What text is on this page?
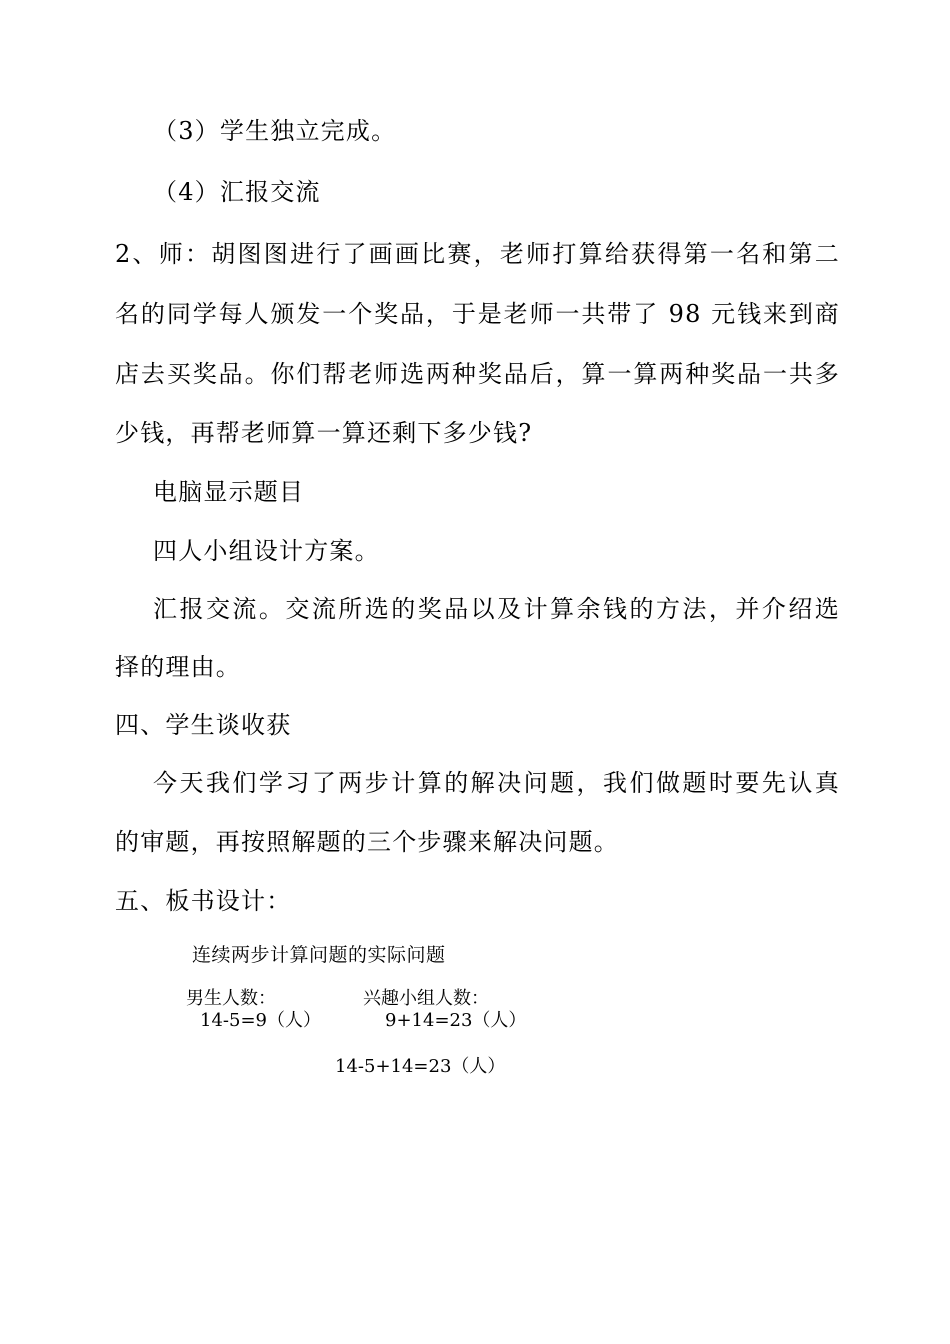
（3）学生独立完成。
（4）汇报交流
2、师：胡图图进行了画画比赛，老师打算给获得第一名和第二
名的同学每人颁发一个奖品，于是老师一共带了 98 元钱来到商
店去买奖品。你们帮老师选两种奖品后，算一算两种奖品一共多
少钱，再帮老师算一算还剩下多少钱?
电脑显示题目
四人小组设计方案。
汇报交流。交流所选的奖品以及计算余钱的方法，并介绍选
择的理由。
四、学生谈收获
今天我们学习了两步计算的解决问题，我们做题时要先认真
的审题，再按照解题的三个步骤来解决问题。
五、板书设计：
连续两步计算问题的实际问题
男生人数：
14-5=9（人）
兴趣小组人数：
9+14=23（人）
14-5+14=23（人）
